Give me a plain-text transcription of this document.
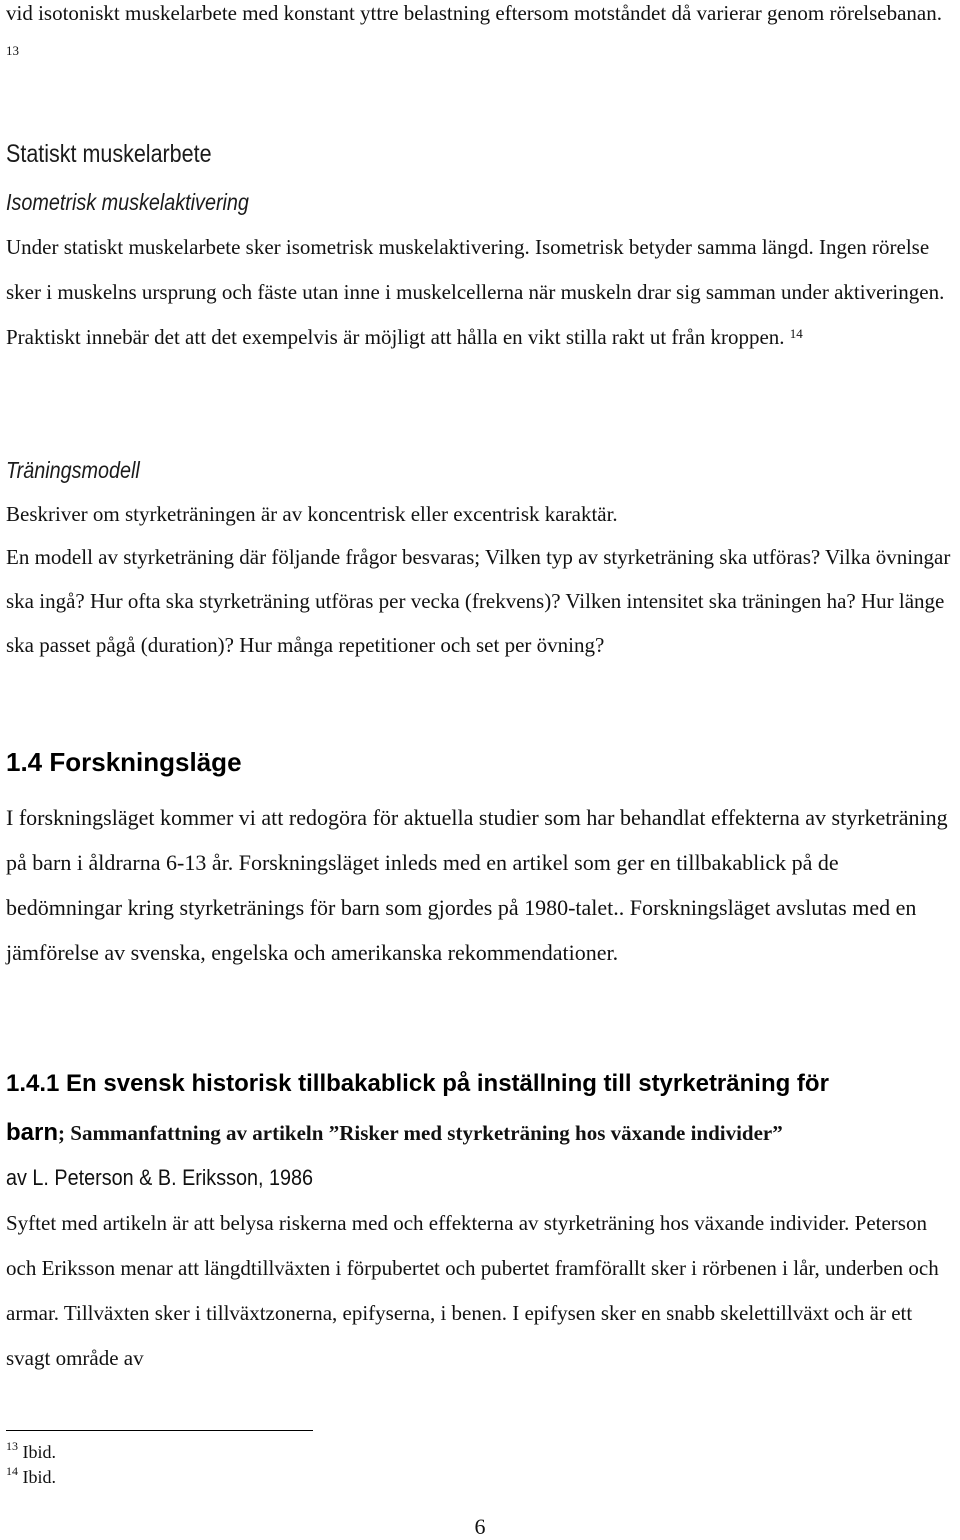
vid isotoniskt muskelarbete med konstant yttre belastning eftersom motståndet då varierar genom rörelsebanan. $^{13}$
Statiskt muskelarbete
Isometrisk muskelaktivering
Under statiskt muskelarbete sker isometrisk muskelaktivering. Isometrisk betyder samma längd. Ingen rörelse sker i muskelns ursprung och fäste utan inne i muskelcellerna när muskeln drar sig samman under aktiveringen. Praktiskt innebär det att det exempelvis är möjligt att hålla en vikt stilla rakt ut från kroppen. $^{14}$
Träningsmodell
Beskriver om styrketräningen är av koncentrisk eller excentrisk karaktär.
En modell av styrketräning där följande frågor besvaras; Vilken typ av styrketräning ska utföras? Vilka övningar ska ingå? Hur ofta ska styrketräning utföras per vecka (frekvens)? Vilken intensitet ska träningen ha? Hur länge ska passet pågå (duration)? Hur många repetitioner och set per övning?
1.4 Forskningsläge
I forskningsläget kommer vi att redogöra för aktuella studier som har behandlat effekterna av styrketräning på barn i åldrarna 6-13 år. Forskningsläget inleds med en artikel som ger en tillbakablick på de bedömningar kring styrketränings för barn som gjordes på 1980-talet.. Forskningsläget avslutas med en jämförelse av svenska, engelska och amerikanska rekommendationer.
1.4.1 En svensk historisk tillbakablick på inställning till styrketräning för
barn; Sammanfattning av artikeln ”Risker med styrketräning hos växande individer”
av L. Peterson & B. Eriksson, 1986
Syftet med artikeln är att belysa riskerna med och effekterna av styrketräning hos växande individer. Peterson och Eriksson menar att längdtillväxten i förpubertet och pubertet framförallt sker i rörbenen i lår, underben och armar. Tillväxten sker i tillväxtzonerna, epifyserna, i benen. I epifysen sker en snabb skelettillväxt och är ett svagt område av
$^{13}$ Ibid.
$^{14}$ Ibid.
6
